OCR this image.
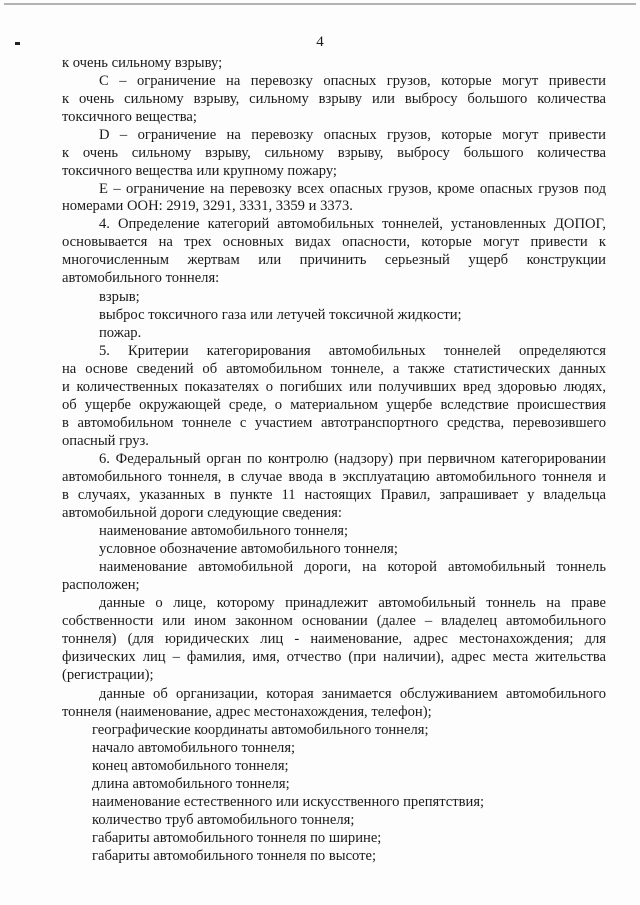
4
к очень сильному взрыву;
C – ограничение на перевозку опасных грузов, которые могут привести
к очень сильному взрыву, сильному взрыву или выбросу большого количества
токсичного вещества;
D – ограничение на перевозку опасных грузов, которые могут привести
к очень сильному взрыву, сильному взрыву, выбросу большого количества
токсичного вещества или крупному пожару;
E – ограничение на перевозку всех опасных грузов, кроме опасных грузов под
номерами ООН: 2919, 3291, 3331, 3359 и 3373.
4. Определение категорий автомобильных тоннелей, установленных ДОПОГ,
основывается на трех основных видах опасности, которые могут привести к
многочисленным жертвам или причинить серьезный ущерб конструкции
автомобильного тоннеля:
взрыв;
выброс токсичного газа или летучей токсичной жидкости;
пожар.
5. Критерии категорирования автомобильных тоннелей определяются
на основе сведений об автомобильном тоннеле, а также статистических данных
и количественных показателях о погибших или получивших вред здоровью людях,
об ущербе окружающей среде, о материальном ущербе вследствие происшествия
в автомобильном тоннеле с участием автотранспортного средства, перевозившего
опасный груз.
6. Федеральный орган по контролю (надзору) при первичном категорировании
автомобильного тоннеля, в случае ввода в эксплуатацию автомобильного тоннеля и
в случаях, указанных в пункте 11 настоящих Правил, запрашивает у владельца
автомобильной дороги следующие сведения:
наименование автомобильного тоннеля;
условное обозначение автомобильного тоннеля;
наименование автомобильной дороги, на которой автомобильный тоннель
расположен;
данные о лице, которому принадлежит автомобильный тоннель на праве
собственности или ином законном основании (далее – владелец автомобильного
тоннеля) (для юридических лиц - наименование, адрес местонахождения; для
физических лиц – фамилия, имя, отчество (при наличии), адрес места жительства
(регистрации);
данные об организации, которая занимается обслуживанием автомобильного
тоннеля (наименование, адрес местонахождения, телефон);
географические координаты автомобильного тоннеля;
начало автомобильного тоннеля;
конец автомобильного тоннеля;
длина автомобильного тоннеля;
наименование естественного или искусственного препятствия;
количество труб автомобильного тоннеля;
габариты автомобильного тоннеля по ширине;
габариты автомобильного тоннеля по высоте;
